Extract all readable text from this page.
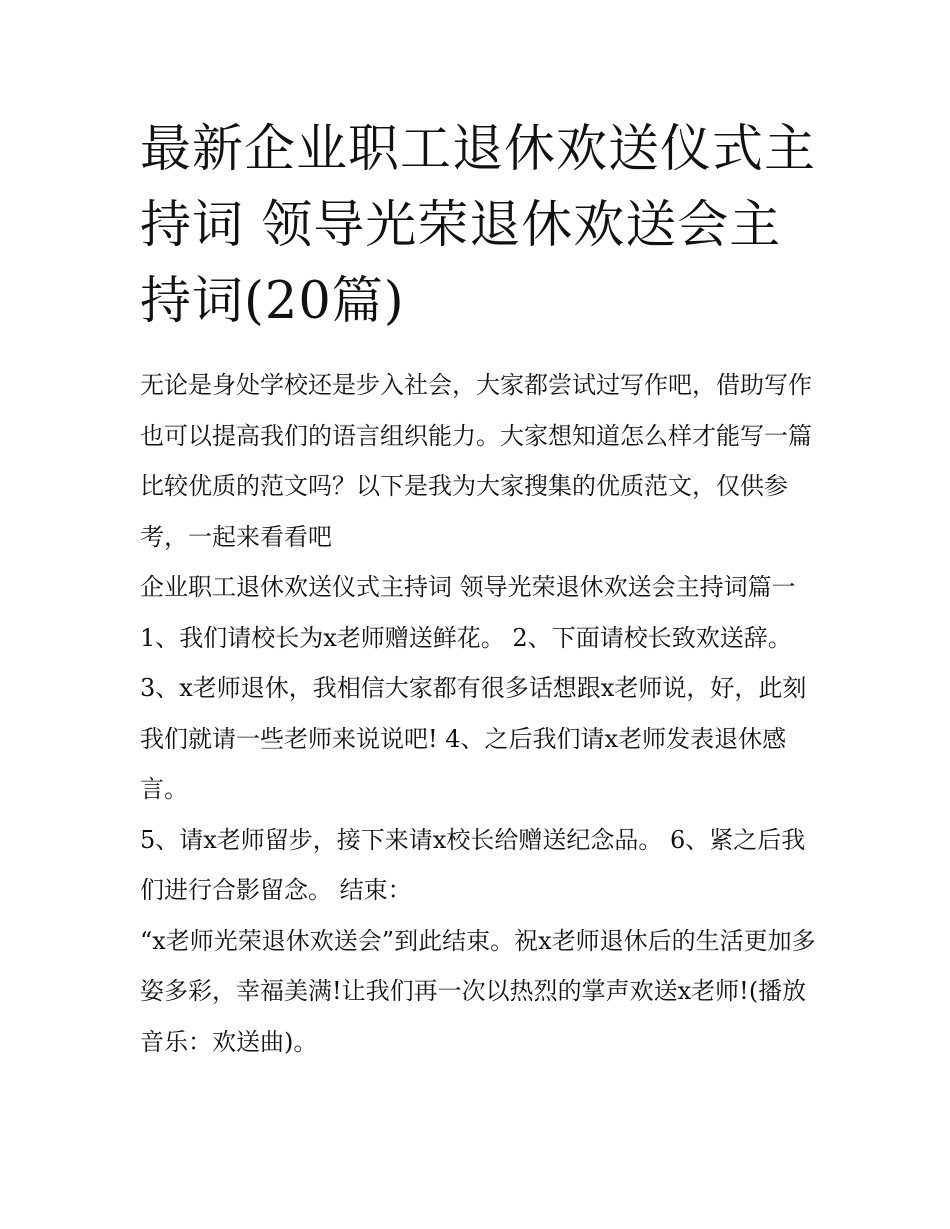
最新企业职工退休欢送仪式主持词 领导光荣退休欢送会主持词(20篇)

无论是身处学校还是步入社会，大家都尝试过写作吧，借助写作也可以提高我们的语言组织能力。大家想知道怎么样才能写一篇比较优质的范文吗？以下是我为大家搜集的优质范文，仅供参考，一起来看看吧

企业职工退休欢送仪式主持词 领导光荣退休欢送会主持词篇一 1、我们请校长为x老师赠送鲜花。 2、下面请校长致欢送辞。

3、x老师退休，我相信大家都有很多话想跟x老师说，好，此刻我们就请一些老师来说说吧! 4、之后我们请x老师发表退休感言。

5、请x老师留步，接下来请x校长给赠送纪念品。 6、紧之后我们进行合影留念。 结束：

“x老师光荣退休欢送会”到此结束。祝x老师退休后的生活更加多姿多彩，幸福美满!让我们再一次以热烈的掌声欢送x老师!(播放音乐：欢送曲)。
